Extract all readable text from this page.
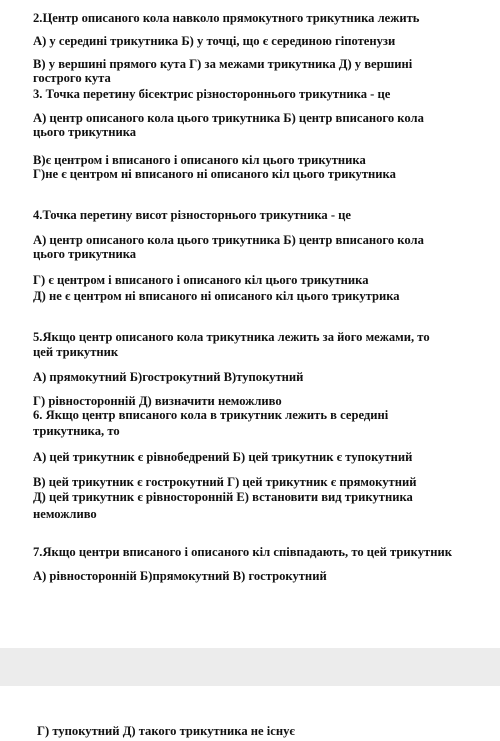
2.Центр описаного кола навколо прямокутного трикутника лежить
А) у середині трикутника Б) у точці, що є серединою гіпотенузи
В) у вершині прямого кута Г) за межами трикутника Д) у вершині
гострого кута
3. Точка перетину бісектрис різностороннього трикутника - це
А) центр описаного кола цього трикутника Б) центр вписаного кола
цього трикутника
В)є центром і вписаного і описаного кіл цього трикутника
Г)не є центром ні вписаного ні описаного кіл цього трикутника
4.Точка перетину висот різносторнього трикутника - це
А) центр описаного кола цього трикутника Б) центр вписаного кола
цього трикутника
Г) є центром і вписаного і описаного кіл цього трикутника
Д) не є центром ні вписаного ні описаного кіл цього трикутрика
5.Якщо центр описаного кола трикутника лежить за його межами, то
цей трикутник
А) прямокутний Б)гострокутний В)тупокутний
Г) рівносторонній Д) визначити неможливо
6. Якщо центр вписаного кола в трикутник лежить в середині
трикутника, то
А) цей трикутник є рівнобедрений Б) цей трикутник є тупокутний
В) цей трикутник є гострокутний Г) цей трикутник є прямокутний
Д) цей трикутник є рівносторонній Е) встановити вид трикутника
неможливо
7.Якщо центри вписаного і описаного кіл співпадають, то цей трикутник
А) рівносторонній Б)прямокутний В) гострокутний
Г) тупокутний Д) такого трикутника не існує
